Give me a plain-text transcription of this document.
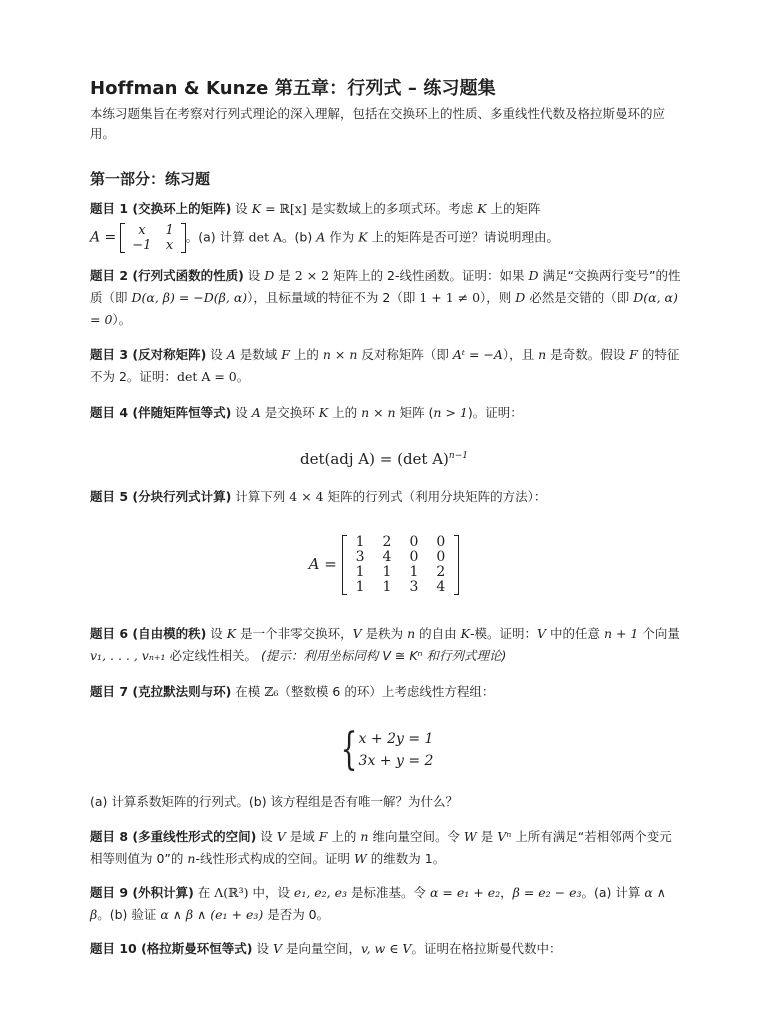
Hoffman & Kunze 第五章：行列式 – 练习题集
本练习题集旨在考察对行列式理论的深入理解，包括在交换环上的性质、多重线性代数及格拉斯曼环的应用。
第一部分：练习题
题目 1 (交换环上的矩阵) 设 K = ℝ[x] 是实数域上的多项式环。考虑 K 上的矩阵
A = x	1
−1	x
。(a) 计算 det A。(b) A 作为 K 上的矩阵是否可逆？请说明理由。
题目 2 (行列式函数的性质) 设 D 是 2 × 2 矩阵上的 2-线性函数。证明：如果 D 满足“交换两行变号”的性质（即 D(α, β) = −D(β, α)），且标量域的特征不为 2（即 1 + 1 ≠ 0），则 D 必然是交错的（即 D(α, α) = 0）。
题目 3 (反对称矩阵) 设 A 是数域 F 上的 n × n 反对称矩阵（即 Aᵗ = −A），且 n 是奇数。假设 F 的特征不为 2。证明：det A = 0。
题目 4 (伴随矩阵恒等式) 设 A 是交换环 K 上的 n × n 矩阵 (n > 1)。证明：
det(adj A) = (det A)$^{n-1}$
题目 5 (分块行列式计算) 计算下列 4 × 4 矩阵的行列式（利用分块矩阵的方法）：
A =
1	2	0	0
3	4	0	0
1	1	1	2
1	1	3	4
题目 6 (自由模的秩) 设 K 是一个非零交换环，V 是秩为 n 的自由 K-模。证明：V 中的任意 n + 1 个向量 v₁, . . . , vₙ₊₁ 必定线性相关。 (提示：利用坐标同构 V ≅ Kⁿ 和行列式理论)
题目 7 (克拉默法则与环) 在模 ℤ₆（整数模 6 的环）上考虑线性方程组：
{ x + 2y = 1
3x + y = 2
(a) 计算系数矩阵的行列式。(b) 该方程组是否有唯一解？为什么？
题目 8 (多重线性形式的空间) 设 V 是域 F 上的 n 维向量空间。令 W 是 Vⁿ 上所有满足“若相邻两个变元相等则值为 0”的 n-线性形式构成的空间。证明 W 的维数为 1。
题目 9 (外积计算) 在 Λ(ℝ³) 中，设 e₁, e₂, e₃ 是标准基。令 α = e₁ + e₂，β = e₂ − e₃。(a) 计算 α ∧ β。(b) 验证 α ∧ β ∧ (e₁ + e₃) 是否为 0。
题目 10 (格拉斯曼环恒等式) 设 V 是向量空间，v, w ∈ V。证明在格拉斯曼代数中：
